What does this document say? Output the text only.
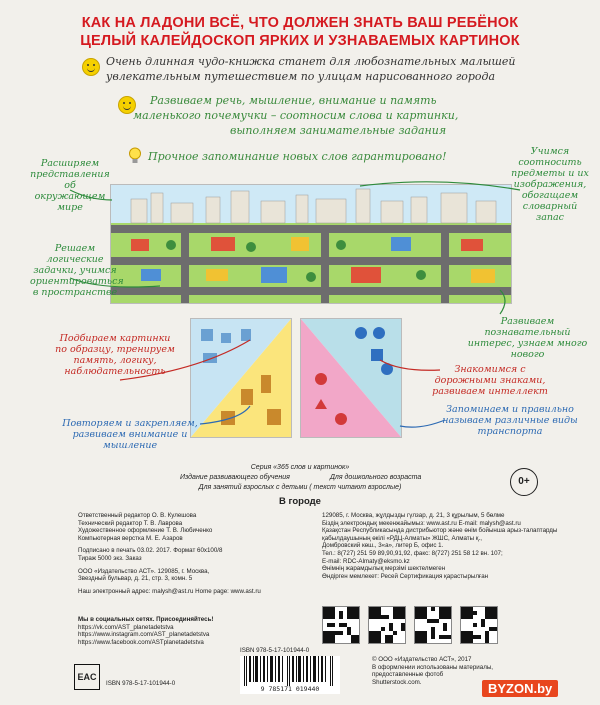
КАК НА ЛАДОНИ ВСЁ, ЧТО ДОЛЖЕН ЗНАТЬ ВАШ РЕБЁНОК
ЦЕЛЫЙ КАЛЕЙДОСКОП ЯРКИХ И УЗНАВАЕМЫХ КАРТИНОК
Очень длинная чудо-книжка станет для любознательных малышей
увлекательным путешествием по улицам нарисованного города
Развиваем речь, мышление, внимание и память
маленького почемучки – соотносим слова и картинки,
выполняем занимательные задания
Прочное запоминание новых слов гарантировано!
Расширяем представления об окружающем мире
Учимся соотносить предметы и их изображения, обогащаем словарный запас
Решаем логические задачки, учимся ориентироваться в пространстве
Развиваем познавательный интерес, узнаем много нового
Подбираем картинки по образцу, тренируем память, логику, наблюдательность	Знакомимся с дорожными знаками, развиваем интеллект
Повторяем и закрепляем, развиваем внимание и мышление
Запоминаем и правильно называем различные виды транспорта
Серия «365 слов и картинок»
Издание развивающего обучения	Для дошкольного возраста
Для занятий взрослых с детьми ( текст читают взрослые)
0+
В городе
Ответственный редактор О. В. Кулешова
Технический редактор Т. В. Лаврова
Художественное оформление Т. В. Любиченко
Компьютерная верстка М. Е. Азаров
Подписано в печать 03.02. 2017. Формат 60х100/8
Тираж 5000 экз. Заказ
ООО «Издательство АСТ». 129085, г. Москва,
Звездный бульвар, д. 21, стр. 3, комн. 5
Наш электронный адрес: malysh@ast.ru Home page: www.ast.ru
129085, г. Москва, жұлдызды гүлзар, д. 21, 3 құрылым, 5 бөлме
Біздің электрондық мекенжайымыз: www.ast.ru E-mail: malysh@ast.ru
Қазақстан Республикасында дистрибьютор және өнім бойынша арыз-талаптарды
қабылдаушының өкілі «РДЦ-Алматы» ЖШС, Алматы қ.,
Домбровский көш., 3«а», литер Б, офис 1.
Тел.: 8(727) 251 59 89,90,91,92, факс: 8(727) 251 58 12 вн. 107;
E-mail: RDC-Almaty@eksmo.kz
Өнімнің жарамдылық мерзімі шектелмеген
Өндірген мемлекет: Ресей Сертификация қарастырылған
Мы в социальных сетях. Присоединяйтесь!
https://vk.com/AST_planetadetstva
https://www.instagram.com/AST_planetadetstva
https://www.facebook.com/ASTplanetadetstva
ISBN 978-5-17-101944-0
9 785171 019440
EAC
ISBN 978-5-17-101944-0
© ООО «Издательство АСТ», 2017
В оформлении использованы материалы,
предоставленные фотоб
Shutterstock.com.	BYZON.by
